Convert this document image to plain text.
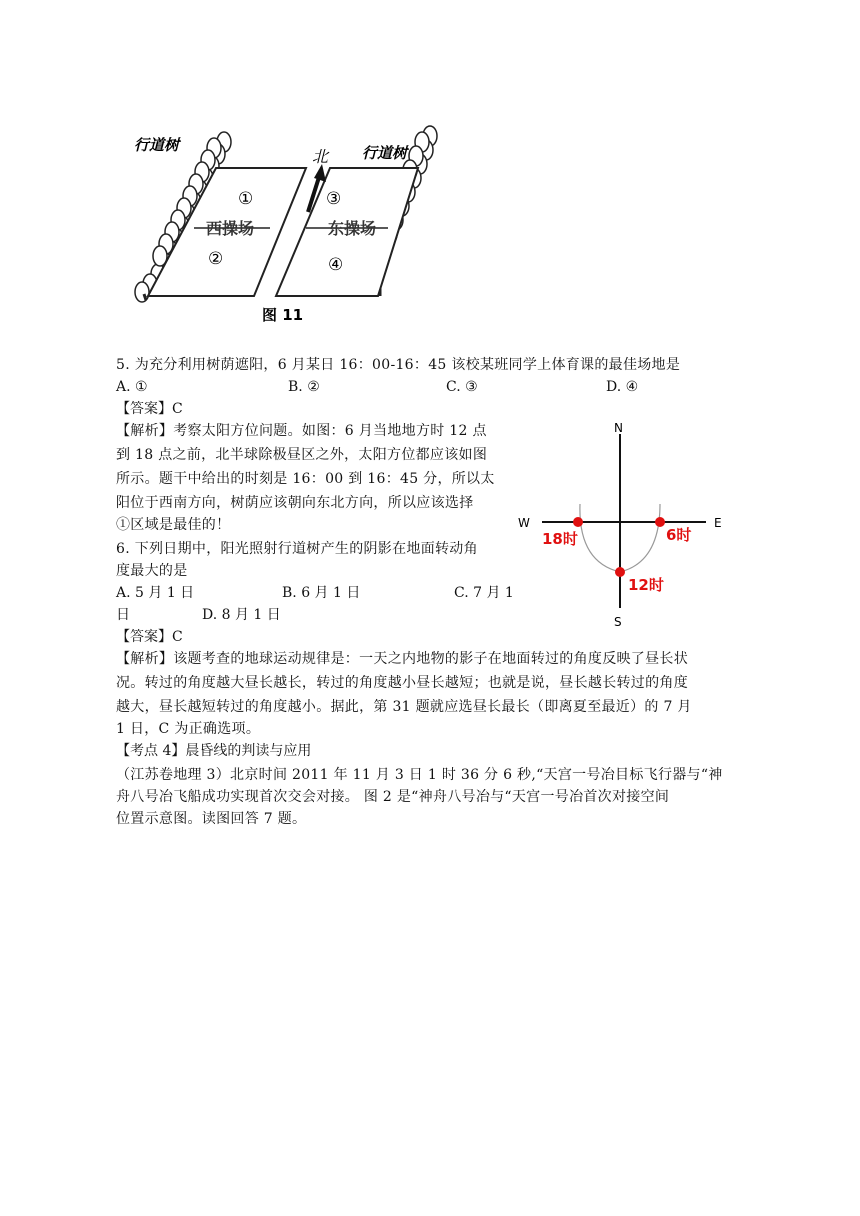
北
行道树	行道树
①
西操场
②
③
东操场
④
图 11
5. 为充分利用树荫遮阳，6 月某日 16：00-16：45 该校某班同学上体育课的最佳场地是
A. ①	B. ②	C. ③	D. ④
【答案】C
【解析】考察太阳方位问题。如图：6 月当地地方时 12 点
到 18 点之前，北半球除极昼区之外，太阳方位都应该如图
所示。题干中给出的时刻是 16：00 到 16：45 分，所以太
阳位于西南方向，树荫应该朝向东北方向，所以应该选择
①区域是最佳的！
N
S
W	E
18时	6时
12时
6. 下列日期中，阳光照射行道树产生的阴影在地面转动角
度最大的是
A. 5 月 1 日	B. 6 月 1 日	C. 7 月 1
日	D. 8 月 1 日
【答案】C
【解析】该题考查的地球运动规律是：一天之内地物的影子在地面转过的角度反映了昼长状
况。转过的角度越大昼长越长，转过的角度越小昼长越短；也就是说，昼长越长转过的角度
越大，昼长越短转过的角度越小。据此，第 31 题就应选昼长最长（即离夏至最近）的 7 月
1 日，C 为正确选项。
【考点 4】晨昏线的判读与应用
（江苏卷地理 3）北京时间 2011 年 11 月 3 日 1 时 36 分 6 秒,“天宫一号冶目标飞行器与“神
舟八号冶飞船成功实现首次交会对接。 图 2 是“神舟八号冶与“天宫一号冶首次对接空间
位置示意图。读图回答 7 题。
